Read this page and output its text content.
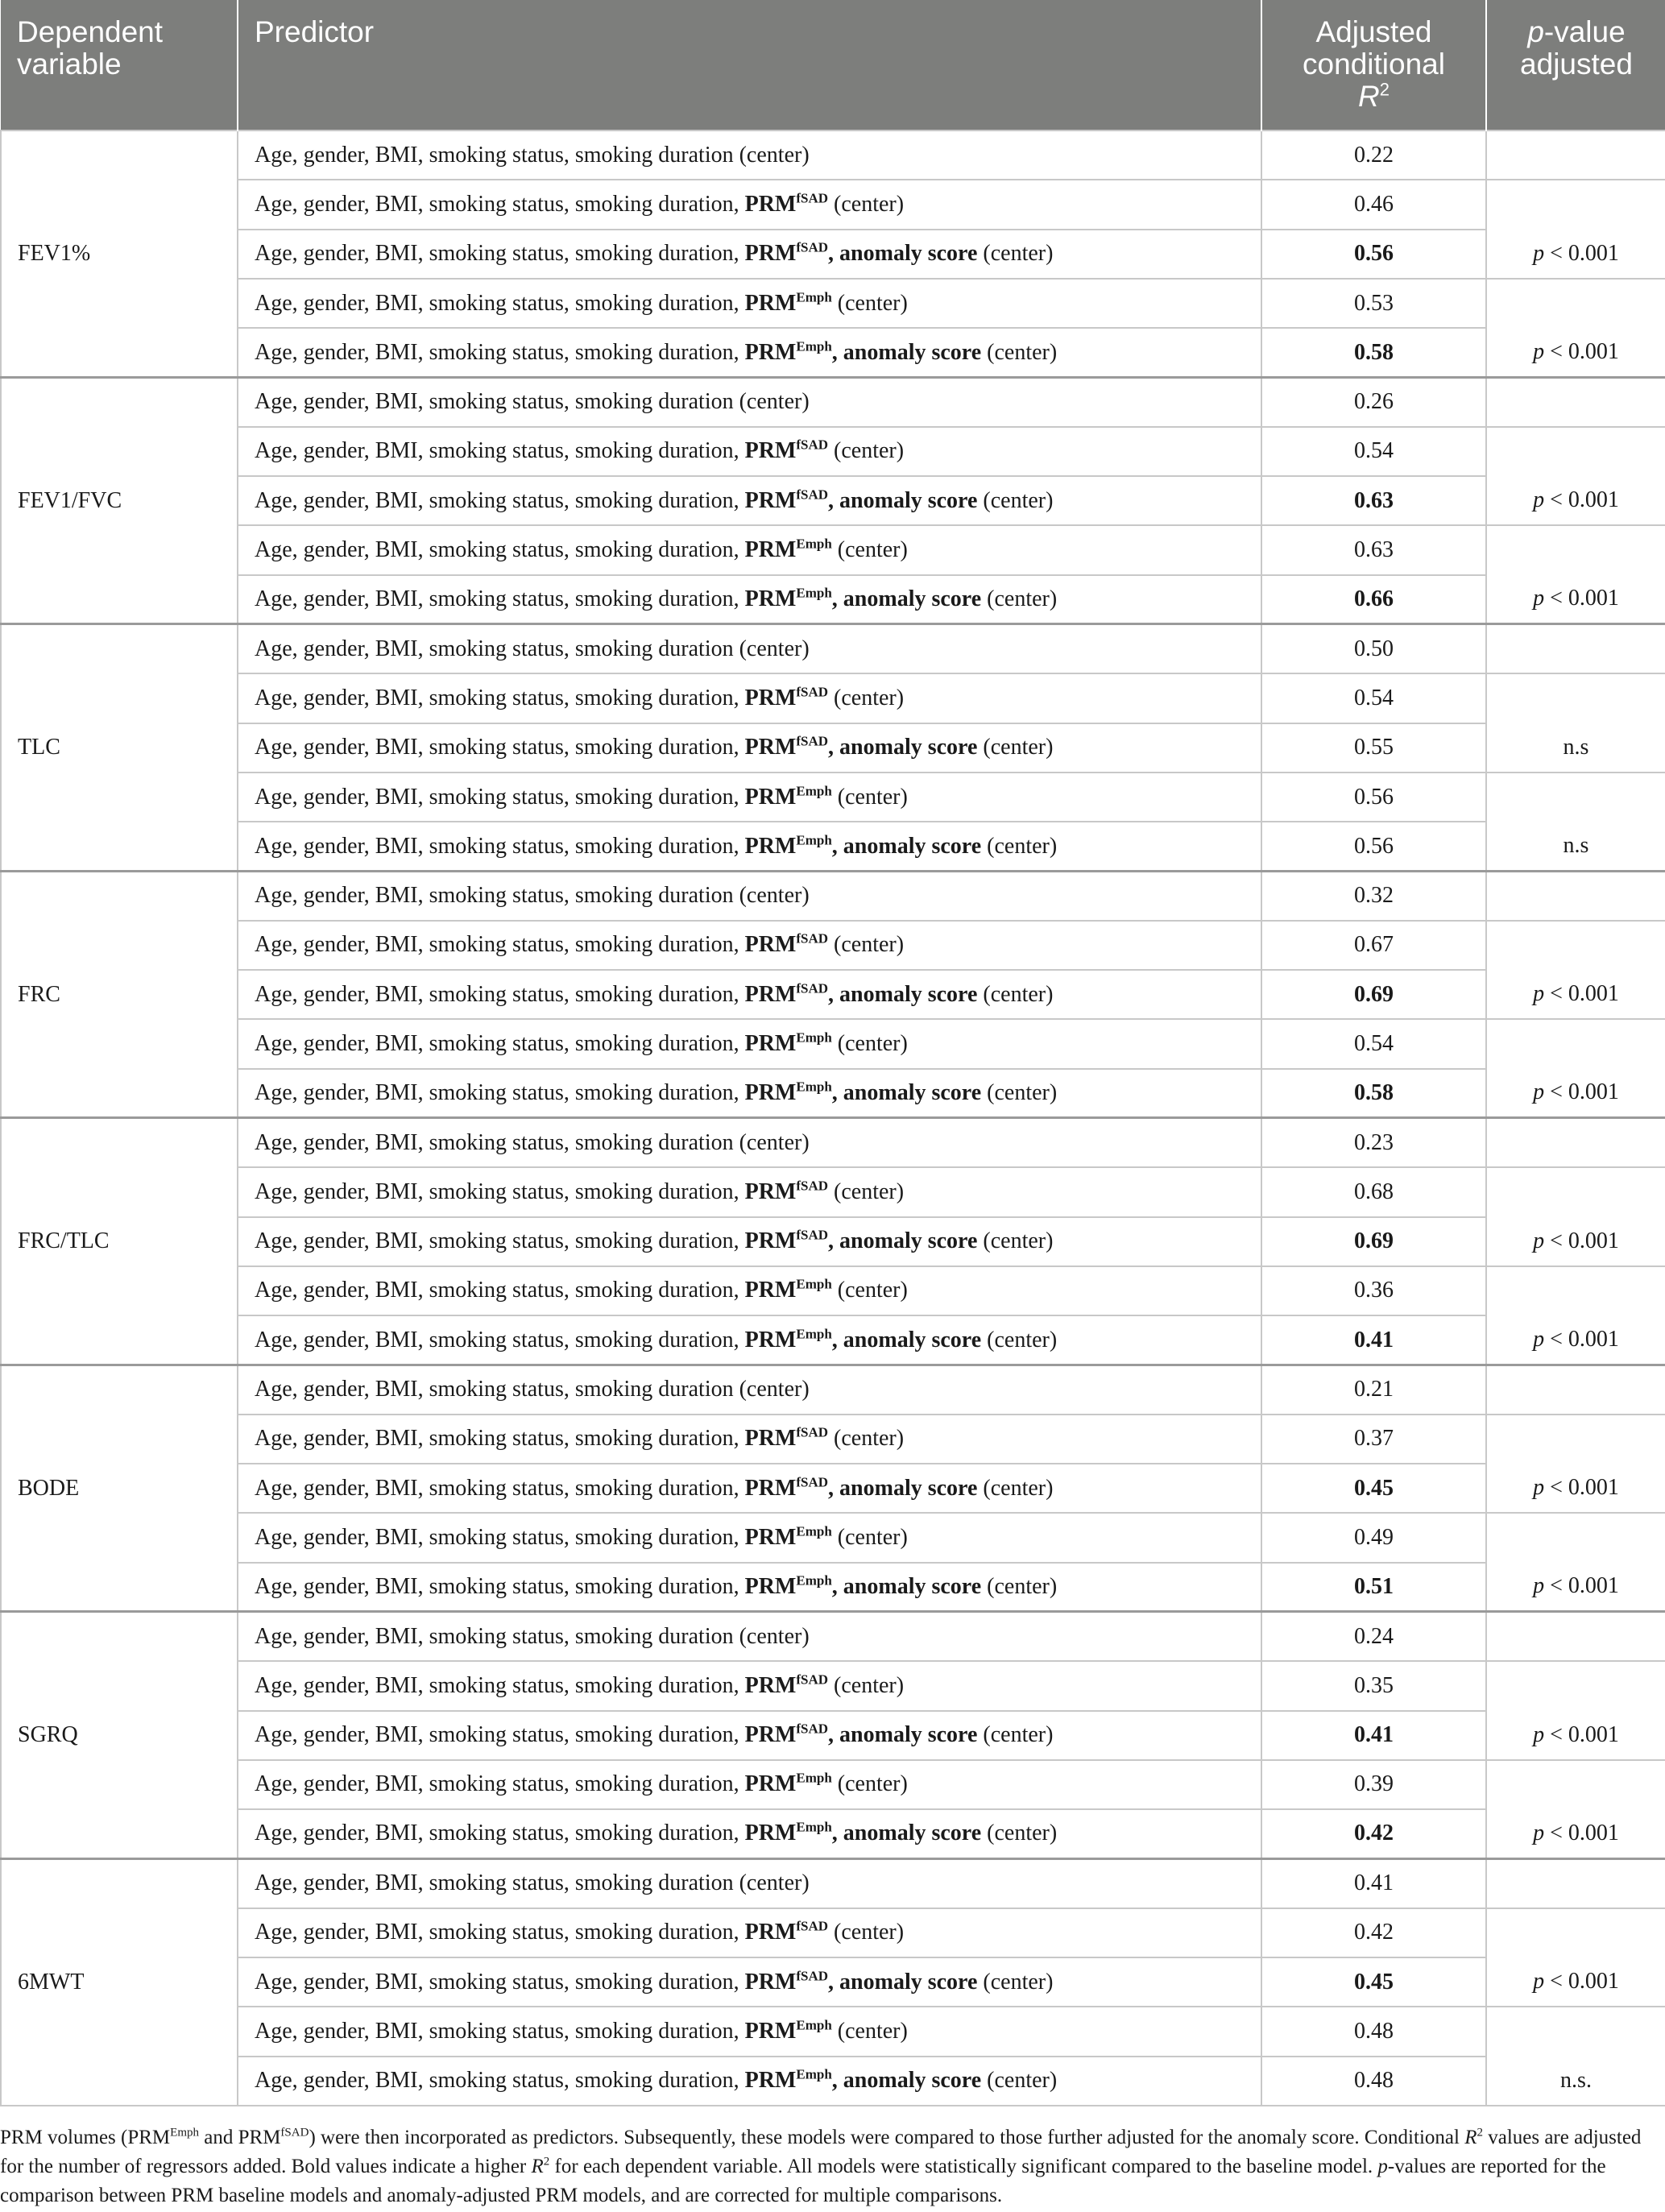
Dependent
variable	Predictor	Adjusted
conditional
$R^2$	p-value
adjusted

FEV1%	Age, gender, BMI, smoking status, smoking duration (center)	0.22	
	Age, gender, BMI, smoking status, smoking duration, $PRM^{fSAD}$ (center)	0.46	p < 0.001
	Age, gender, BMI, smoking status, smoking duration, $PRM^{fSAD}$, anomaly score (center)	0.56	
	Age, gender, BMI, smoking status, smoking duration, $PRM^{Emph}$ (center)	0.53	p < 0.001
	Age, gender, BMI, smoking status, smoking duration, $PRM^{Emph}$, anomaly score (center)	0.58	
FEV1/FVC	Age, gender, BMI, smoking status, smoking duration (center)	0.26	
	Age, gender, BMI, smoking status, smoking duration, $PRM^{fSAD}$ (center)	0.54	p < 0.001
	Age, gender, BMI, smoking status, smoking duration, $PRM^{fSAD}$, anomaly score (center)	0.63	
	Age, gender, BMI, smoking status, smoking duration, $PRM^{Emph}$ (center)	0.63	p < 0.001
	Age, gender, BMI, smoking status, smoking duration, $PRM^{Emph}$, anomaly score (center)	0.66	
TLC	Age, gender, BMI, smoking status, smoking duration (center)	0.50	
	Age, gender, BMI, smoking status, smoking duration, $PRM^{fSAD}$ (center)	0.54	n.s
	Age, gender, BMI, smoking status, smoking duration, $PRM^{fSAD}$, anomaly score (center)	0.55	
	Age, gender, BMI, smoking status, smoking duration, $PRM^{Emph}$ (center)	0.56	n.s
	Age, gender, BMI, smoking status, smoking duration, $PRM^{Emph}$, anomaly score (center)	0.56	
FRC	Age, gender, BMI, smoking status, smoking duration (center)	0.32	
	Age, gender, BMI, smoking status, smoking duration, $PRM^{fSAD}$ (center)	0.67	p < 0.001
	Age, gender, BMI, smoking status, smoking duration, $PRM^{fSAD}$, anomaly score (center)	0.69	
	Age, gender, BMI, smoking status, smoking duration, $PRM^{Emph}$ (center)	0.54	p < 0.001
	Age, gender, BMI, smoking status, smoking duration, $PRM^{Emph}$, anomaly score (center)	0.58	
FRC/TLC	Age, gender, BMI, smoking status, smoking duration (center)	0.23	
	Age, gender, BMI, smoking status, smoking duration, $PRM^{fSAD}$ (center)	0.68	p < 0.001
	Age, gender, BMI, smoking status, smoking duration, $PRM^{fSAD}$, anomaly score (center)	0.69	
	Age, gender, BMI, smoking status, smoking duration, $PRM^{Emph}$ (center)	0.36	p < 0.001
	Age, gender, BMI, smoking status, smoking duration, $PRM^{Emph}$, anomaly score (center)	0.41	
BODE	Age, gender, BMI, smoking status, smoking duration (center)	0.21	
	Age, gender, BMI, smoking status, smoking duration, $PRM^{fSAD}$ (center)	0.37	p < 0.001
	Age, gender, BMI, smoking status, smoking duration, $PRM^{fSAD}$, anomaly score (center)	0.45	
	Age, gender, BMI, smoking status, smoking duration, $PRM^{Emph}$ (center)	0.49	p < 0.001
	Age, gender, BMI, smoking status, smoking duration, $PRM^{Emph}$, anomaly score (center)	0.51	
SGRQ	Age, gender, BMI, smoking status, smoking duration (center)	0.24	
	Age, gender, BMI, smoking status, smoking duration, $PRM^{fSAD}$ (center)	0.35	p < 0.001
	Age, gender, BMI, smoking status, smoking duration, $PRM^{fSAD}$, anomaly score (center)	0.41	
	Age, gender, BMI, smoking status, smoking duration, $PRM^{Emph}$ (center)	0.39	p < 0.001
	Age, gender, BMI, smoking status, smoking duration, $PRM^{Emph}$, anomaly score (center)	0.42	
6MWT	Age, gender, BMI, smoking status, smoking duration (center)	0.41	
	Age, gender, BMI, smoking status, smoking duration, $PRM^{fSAD}$ (center)	0.42	p < 0.001
	Age, gender, BMI, smoking status, smoking duration, $PRM^{fSAD}$, anomaly score (center)	0.45	
	Age, gender, BMI, smoking status, smoking duration, $PRM^{Emph}$ (center)	0.48	n.s.
	Age, gender, BMI, smoking status, smoking duration, $PRM^{Emph}$, anomaly score (center)	0.48	
PRM volumes (PRM$^{Emph}$ and PRM$^{fSAD}$) were then incorporated as predictors. Subsequently, these models were compared to those further adjusted for the anomaly score. Conditional R$^2$ values are adjusted for the number of regressors added. Bold values indicate a higher R$^2$ for each dependent variable. All models were statistically significant compared to the baseline model. p-values are reported for the comparison between PRM baseline models and anomaly-adjusted PRM models, and are corrected for multiple comparisons.
